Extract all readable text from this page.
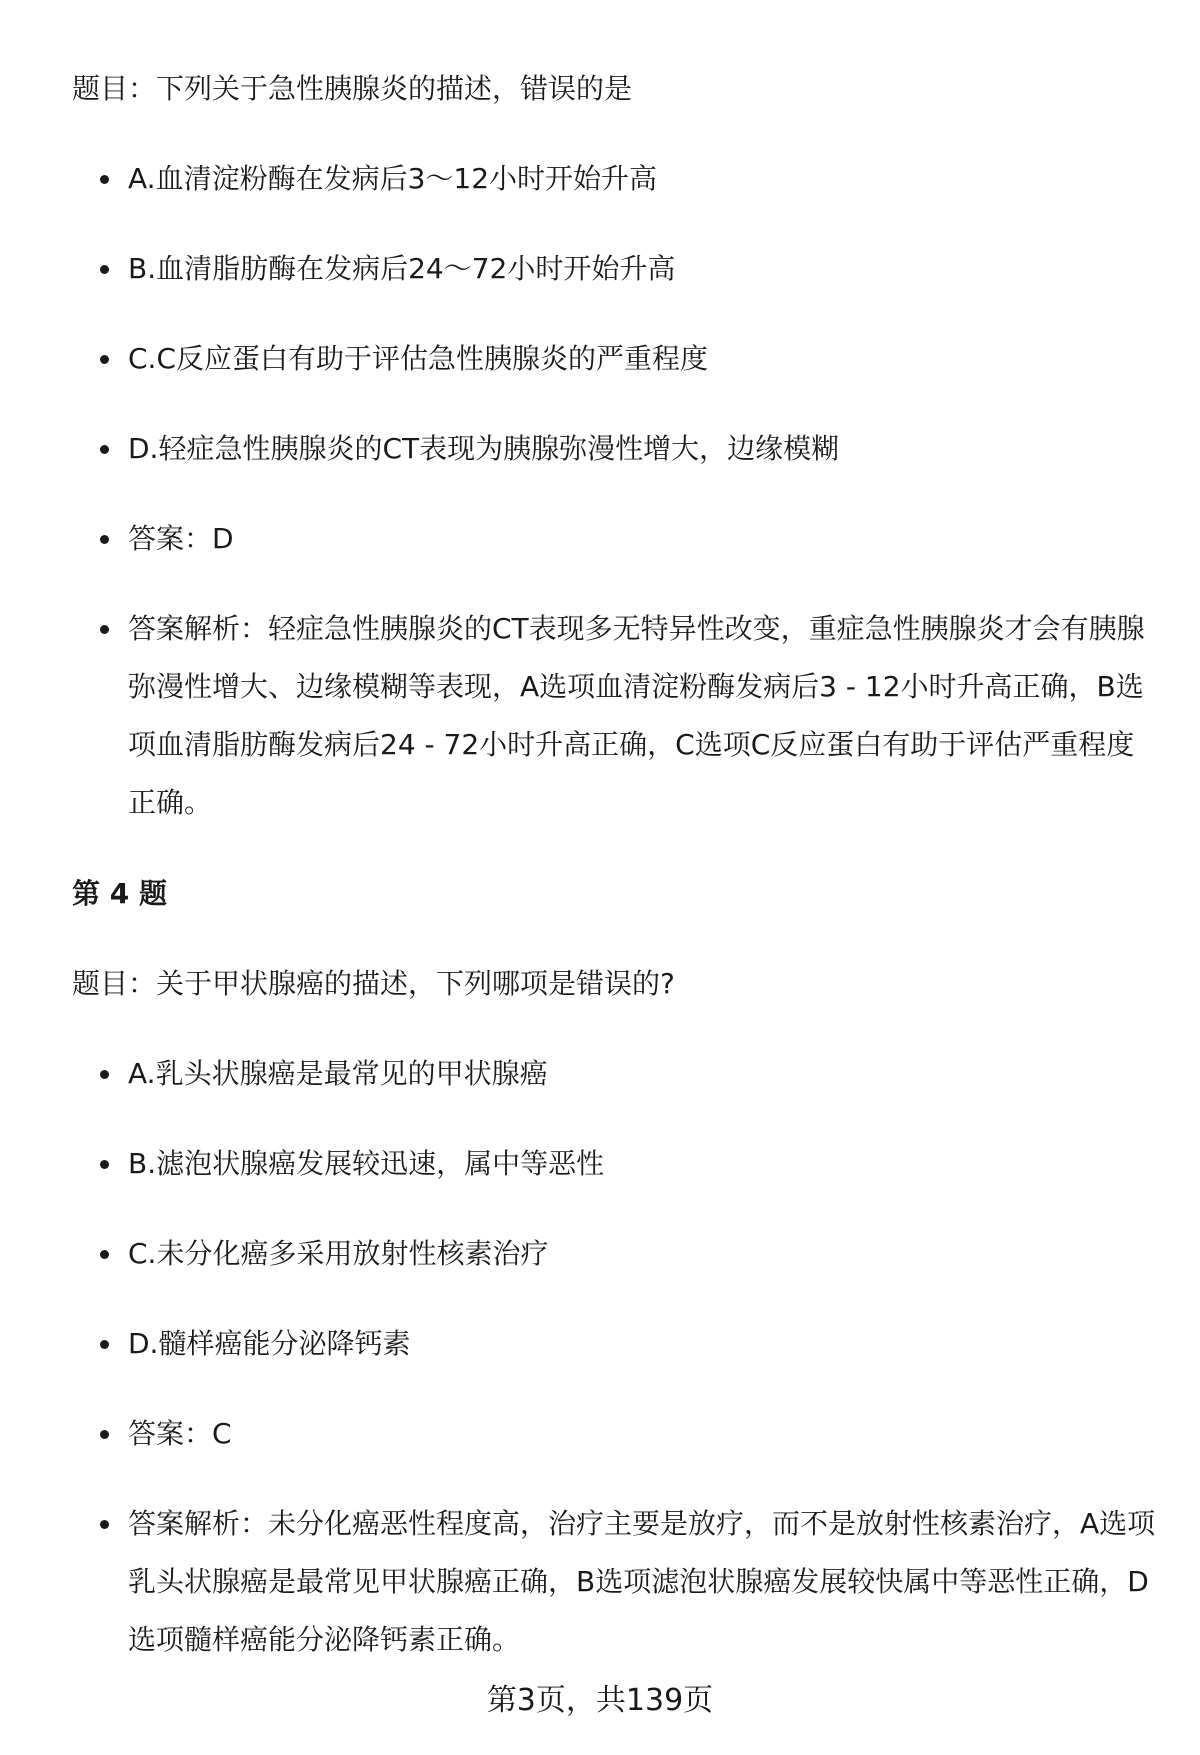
题目：下列关于急性胰腺炎的描述，错误的是
A.血清淀粉酶在发病后3～12小时开始升高
B.血清脂肪酶在发病后24～72小时开始升高
C.C反应蛋白有助于评估急性胰腺炎的严重程度
D.轻症急性胰腺炎的CT表现为胰腺弥漫性增大，边缘模糊
答案：D
答案解析：轻症急性胰腺炎的CT表现多无特异性改变，重症急性胰腺炎才会有胰腺弥漫性增大、边缘模糊等表现，A选项血清淀粉酶发病后3 - 12小时升高正确，B选项血清脂肪酶发病后24 - 72小时升高正确，C选项C反应蛋白有助于评估严重程度正确。
第 4 题
题目：关于甲状腺癌的描述，下列哪项是错误的?
A.乳头状腺癌是最常见的甲状腺癌
B.滤泡状腺癌发展较迅速，属中等恶性
C.未分化癌多采用放射性核素治疗
D.髓样癌能分泌降钙素
答案：C
答案解析：未分化癌恶性程度高，治疗主要是放疗，而不是放射性核素治疗，A选项乳头状腺癌是最常见甲状腺癌正确，B选项滤泡状腺癌发展较快属中等恶性正确，D选项髓样癌能分泌降钙素正确。
第3页，共139页
